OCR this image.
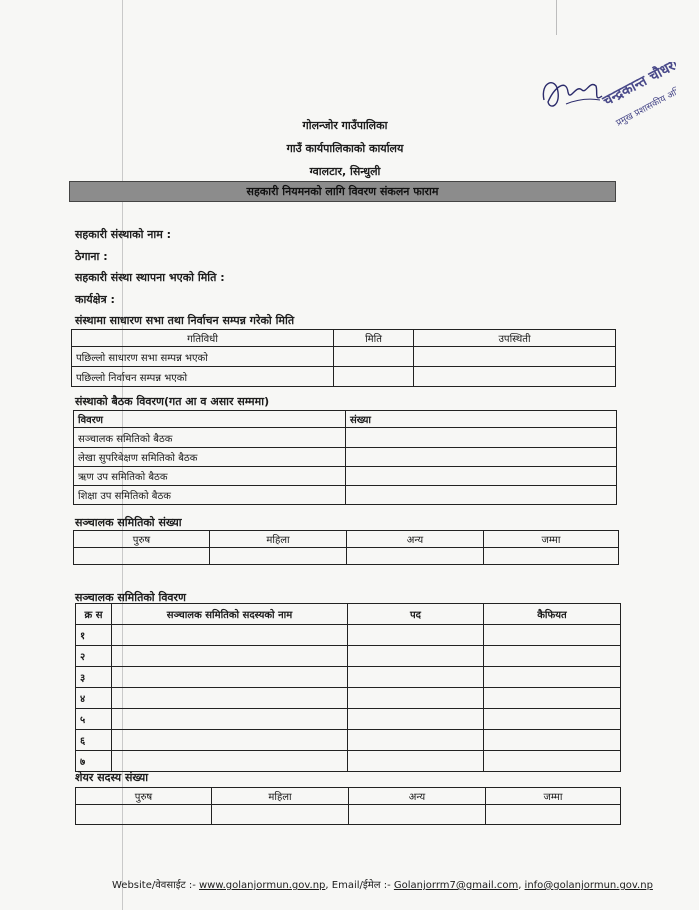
चन्द्रकान्त चौधरी
प्रमुख प्रशासकीय अधिकृत
गोलन्जोर गाउँपालिका
गाउँ कार्यपालिकाको कार्यालय
ग्वालटार, सिन्धुली
सहकारी नियमनको लागि विवरण संकलन फाराम
सहकारी संस्थाको नाम :
ठेगाना :
सहकारी संस्था स्थापना भएको मिति :
कार्यक्षेत्र :
संस्थामा साधारण सभा तथा निर्वाचन सम्पन्न गरेको मिति
गतिविधी	मिति	उपस्थिती
पछिल्लो साधारण सभा सम्पन्न भएको		
पछिल्लो निर्वाचन सम्पन्न भएको		
संस्थाको बैठक विवरण(गत आ व असार सम्ममा)
विवरण	संख्या
सञ्चालक समितिको बैठक	
लेखा सुपरिबेक्षण समितिको बैठक	
ऋण उप समितिको बैठक	
शिक्षा उप समितिको बैठक	
सञ्चालक समितिको संख्या
पुरुष	महिला	अन्य	जम्मा

सञ्चालक समितिको विवरण
क्र स	सञ्चालक समितिको सदस्यको नाम	पद	कैफियत
१			
२			
३			
४			
५			
६			
७			
शेयर सदस्य संख्या
पुरुष	महिला	अन्य	जम्मा

Website/वेवसाईट :- www.golanjormun.gov.np, Email/ईमेल :- Golanjorrm7@gmail.com, info@golanjormun.gov.np
